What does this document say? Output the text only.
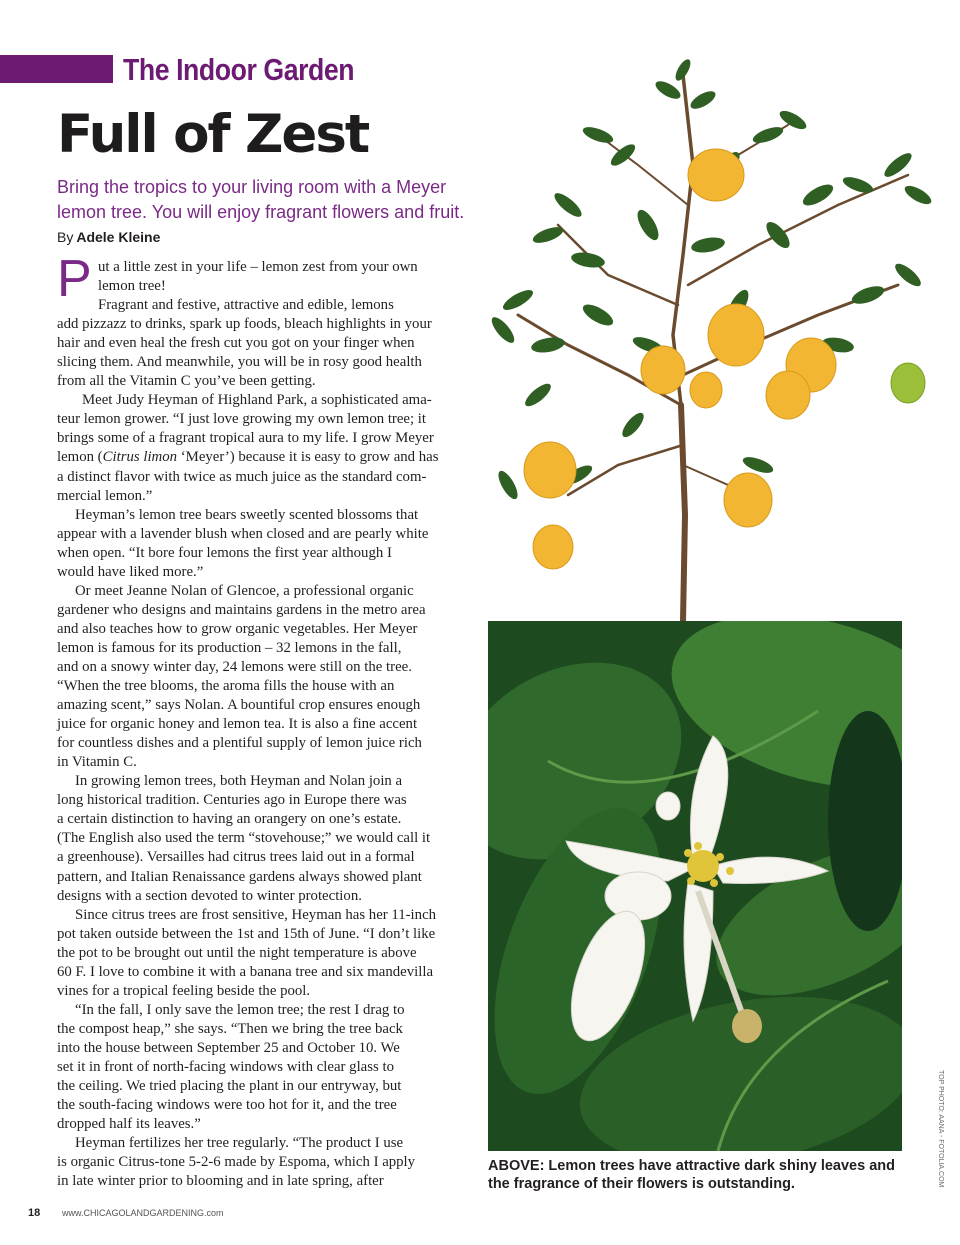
The Indoor Garden
Full of Zest
Bring the tropics to your living room with a Meyer
lemon tree. You will enjoy fragrant flowers and fruit.
By Adele Kleine
P ut a little zest in your life – lemon zest from your own
lemon tree!
Fragrant and festive, attractive and edible, lemons
add pizzazz to drinks, spark up foods, bleach highlights in your
hair and even heal the fresh cut you got on your finger when
slicing them. And meanwhile, you will be in rosy good health
from all the Vitamin C you’ve been getting.
Meet Judy Heyman of Highland Park, a sophisticated ama-
teur lemon grower. “I just love growing my own lemon tree; it
brings some of a fragrant tropical aura to my life. I grow Meyer
lemon (Citrus limon ‘Meyer’) because it is easy to grow and has
a distinct flavor with twice as much juice as the standard com-
mercial lemon.”
Heyman’s lemon tree bears sweetly scented blossoms that
appear with a lavender blush when closed and are pearly white
when open. “It bore four lemons the first year although I
would have liked more.”
Or meet Jeanne Nolan of Glencoe, a professional organic
gardener who designs and maintains gardens in the metro area
and also teaches how to grow organic vegetables. Her Meyer
lemon is famous for its production – 32 lemons in the fall,
and on a snowy winter day, 24 lemons were still on the tree.
“When the tree blooms, the aroma fills the house with an
amazing scent,” says Nolan. A bountiful crop ensures enough
juice for organic honey and lemon tea. It is also a fine accent
for countless dishes and a plentiful supply of lemon juice rich
in Vitamin C.
In growing lemon trees, both Heyman and Nolan join a
long historical tradition. Centuries ago in Europe there was
a certain distinction to having an orangery on one’s estate.
(The English also used the term “stovehouse;” we would call it
a greenhouse). Versailles had citrus trees laid out in a formal
pattern, and Italian Renaissance gardens always showed plant
designs with a section devoted to winter protection.
Since citrus trees are frost sensitive, Heyman has her 11-inch
pot taken outside between the 1st and 15th of June. “I don’t like
the pot to be brought out until the night temperature is above
60 F. I love to combine it with a banana tree and six mandevilla
vines for a tropical feeling beside the pool.
“In the fall, I only save the lemon tree; the rest I drag to
the compost heap,” she says. “Then we bring the tree back
into the house between September 25 and October 10. We
set it in front of north-facing windows with clear glass to
the ceiling. We tried placing the plant in our entryway, but
the south-facing windows were too hot for it, and the tree
dropped half its leaves.”
Heyman fertilizes her tree regularly. “The product I use
is organic Citrus-tone 5-2-6 made by Espoma, which I apply
in late winter prior to blooming and in late spring, after
ABOVE: Lemon trees have attractive dark shiny leaves and
the fragrance of their flowers is outstanding.	TOP PHOTO: AANA - FOTOLIA.COM
18 www.CHICAGOLANDGARDENING.com
